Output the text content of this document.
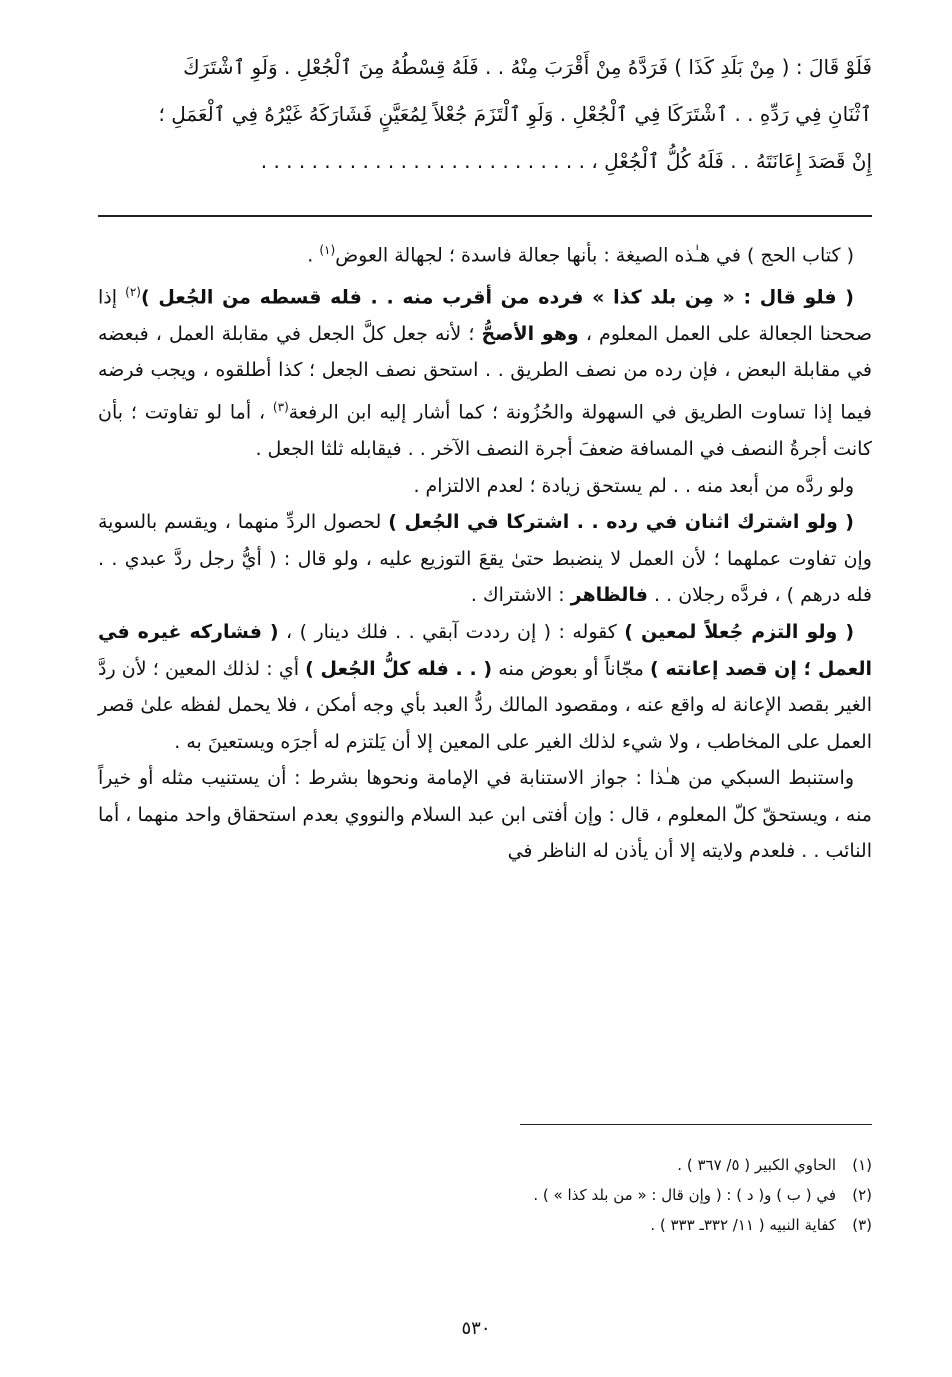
فَلَوْ قَالَ : ( مِنْ بَلَدِ كَذَا ) فَرَدَّهُ مِنْ أَقْرَبَ مِنْهُ . . فَلَهُ قِسْطُهُ مِنَ ٱلْجُعْلِ . وَلَوِ ٱشْتَرَكَ
ٱثْنَانِ فِي رَدِّهِ . . ٱشْتَرَكَا فِي ٱلْجُعْلِ . وَلَوِ ٱلْتَزَمَ جُعْلاً لِمُعَيَّنٍ فَشَارَكَهُ غَيْرُهُ فِي ٱلْعَمَلِ ؛
إِنْ قَصَدَ إِعَانَتَهُ . . فَلَهُ كُلُّ ٱلْجُعْلِ ، . . . . . . . . . . . . . . . . . . . . . . . . . .

( كتاب الحج ) في هـٰذه الصيغة : بأنها جعالة فاسدة ؛ لجهالة العوض$^{(١)}$ .

( فلو قال : « مِن بلد كذا » فرده من أقرب منه . . فله قسطه من الجُعل )$^{(٢)}$ إذا صححنا الجعالة على العمل المعلوم ، وهو الأصحُّ ؛ لأنه جعل كلَّ الجعل في مقابلة العمل ، فبعضه في مقابلة البعض ، فإن رده من نصف الطريق . . استحق نصف الجعل ؛ كذا أطلقوه ، ويجب فرضه فيما إذا تساوت الطريق في السهولة والحُزُونة ؛ كما أشار إليه ابن الرفعة$^{(٣)}$ ، أما لو تفاوتت ؛ بأن كانت أجرةُ النصف في المسافة ضعفَ أجرة النصف الآخر . . فيقابله ثلثا الجعل .

ولو ردَّه من أبعد منه . . لم يستحق زيادة ؛ لعدم الالتزام .

( ولو اشترك اثنان في رده . . اشتركا في الجُعل ) لحصول الردِّ منهما ، ويقسم بالسوية وإن تفاوت عملهما ؛ لأن العمل لا ينضبط حتىٰ يقعَ التوزيع عليه ، ولو قال : ( أيُّ رجل ردَّ عبدي . . فله درهم ) ، فردَّه رجلان . . فالظاهر : الاشتراك .

( ولو التزم جُعلاً لمعين ) كقوله : ( إن رددت آبقي . . فلك دينار ) ، ( فشاركه غيره في العمل ؛ إن قصد إعانته ) مجّاناً أو بعوض منه ( . . فله كلُّ الجُعل ) أي : لذلك المعين ؛ لأن ردَّ الغير بقصد الإعانة له واقع عنه ، ومقصود المالك ردُّ العبد بأي وجه أمكن ، فلا يحمل لفظه علىٰ قصر العمل على المخاطب ، ولا شيء لذلك الغير على المعين إلا أن يَلتزم له أجرَه ويستعينَ به .

واستنبط السبكي من هـٰذا : جواز الاستنابة في الإمامة ونحوها بشرط : أن يستنيب مثله أو خيراً منه ، ويستحقّ كلّ المعلوم ، قال : وإن أفتى ابن عبد السلام والنووي بعدم استحقاق واحد منهما ، أما النائب . . فلعدم ولايته إلا أن يأذن له الناظر في

(١)الحاوي الكبير ( ٥/ ٣٦٧ ) .
(٢)في ( ب ) و( د ) : ( وإن قال : « من بلد كذا » ) .
(٣)كفاية النبيه ( ١١/ ٣٣٢ـ ٣٣٣ ) .
٥٣٠
